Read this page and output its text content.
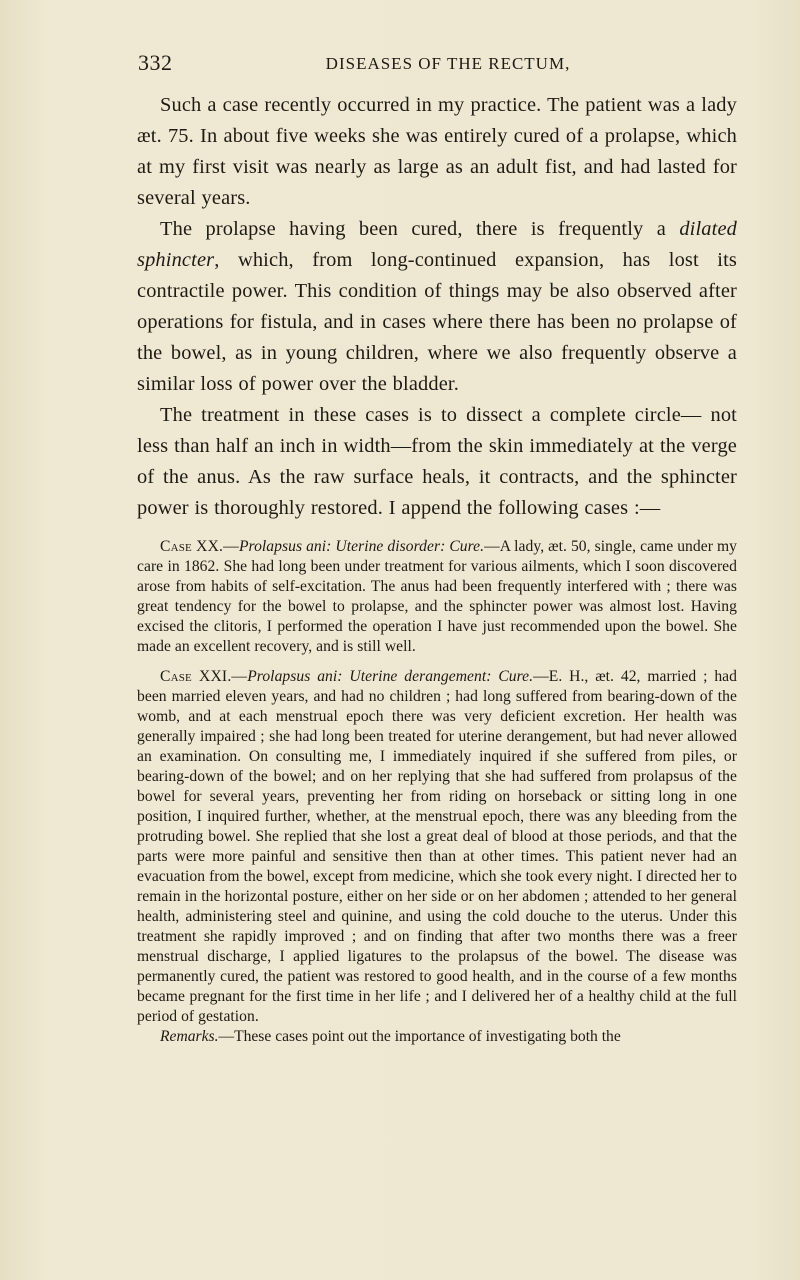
332	DISEASES OF THE RECTUM,

Such a case recently occurred in my practice. The patient was a lady æt. 75. In about five weeks she was entirely cured of a prolapse, which at my first visit was nearly as large as an adult fist, and had lasted for several years.

The prolapse having been cured, there is frequently a dilated sphincter, which, from long-continued expansion, has lost its contractile power. This condition of things may be also observed after operations for fistula, and in cases where there has been no prolapse of the bowel, as in young children, where we also frequently observe a similar loss of power over the bladder.

The treatment in these cases is to dissect a complete circle— not less than half an inch in width—from the skin immediately at the verge of the anus. As the raw surface heals, it contracts, and the sphincter power is thoroughly restored. I append the following cases :—

Case XX.—Prolapsus ani: Uterine disorder: Cure.—A lady, æt. 50, single, came under my care in 1862. She had long been under treatment for various ailments, which I soon discovered arose from habits of self-excitation. The anus had been frequently interfered with ; there was great tendency for the bowel to prolapse, and the sphincter power was almost lost. Having excised the clitoris, I performed the operation I have just recommended upon the bowel. She made an excellent recovery, and is still well.

Case XXI.—Prolapsus ani: Uterine derangement: Cure.—E. H., æt. 42, married ; had been married eleven years, and had no children ; had long suffered from bearing-down of the womb, and at each menstrual epoch there was very deficient excretion. Her health was generally impaired ; she had long been treated for uterine derangement, but had never allowed an examination. On consulting me, I immediately inquired if she suffered from piles, or bearing-down of the bowel; and on her replying that she had suffered from prolapsus of the bowel for several years, preventing her from riding on horseback or sitting long in one position, I inquired further, whether, at the menstrual epoch, there was any bleeding from the protruding bowel. She replied that she lost a great deal of blood at those periods, and that the parts were more painful and sensitive then than at other times. This patient never had an evacuation from the bowel, except from medicine, which she took every night. I directed her to remain in the horizontal posture, either on her side or on her abdomen ; attended to her general health, administering steel and quinine, and using the cold douche to the uterus. Under this treatment she rapidly improved ; and on finding that after two months there was a freer menstrual discharge, I applied ligatures to the prolapsus of the bowel. The disease was permanently cured, the patient was restored to good health, and in the course of a few months became pregnant for the first time in her life ; and I delivered her of a healthy child at the full period of gestation.

Remarks.—These cases point out the importance of investigating both the
